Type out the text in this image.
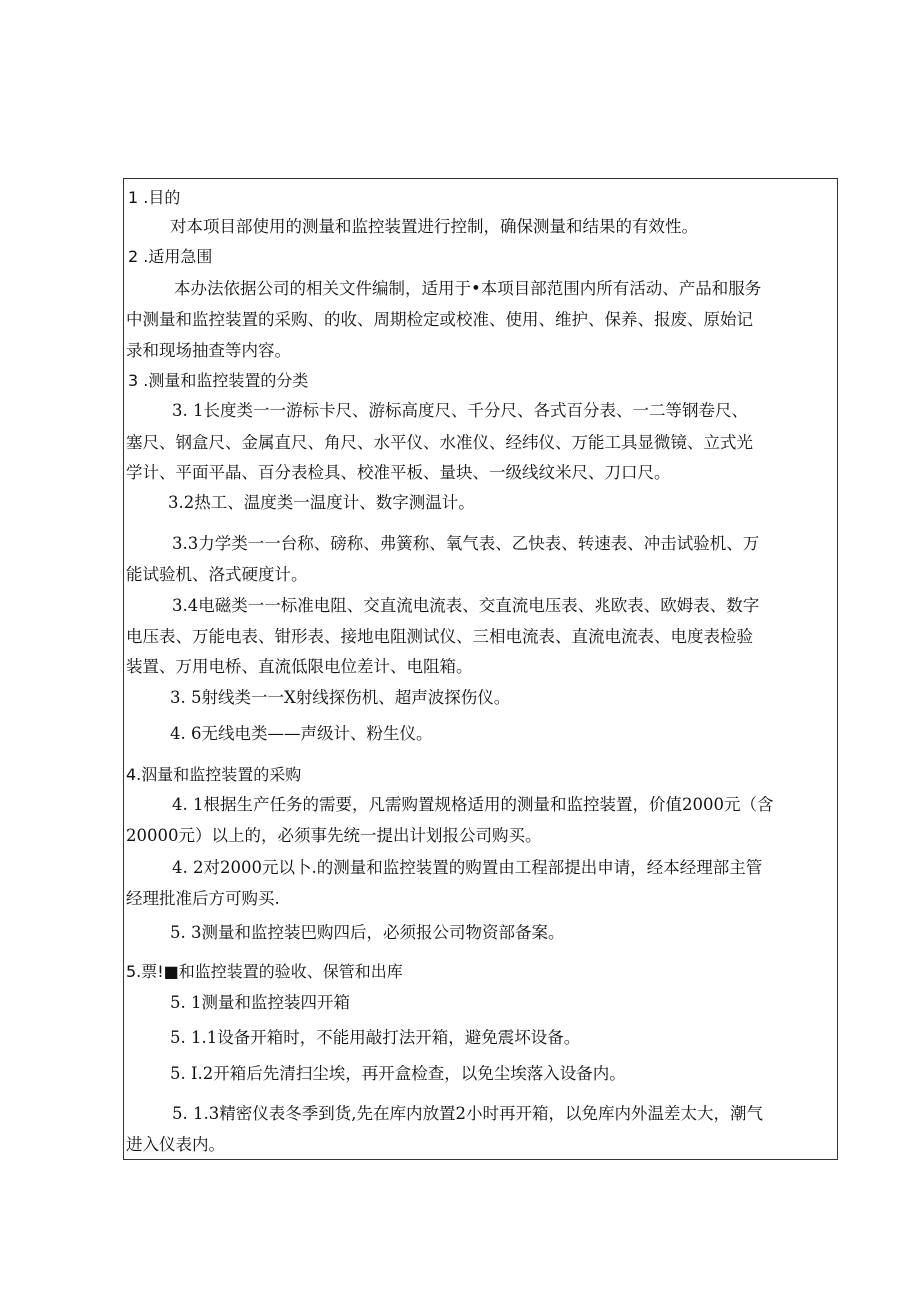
1 .目的
对本项目部使用的测量和监控装置进行控制，确保测量和结果的有效性。
2 .适用急围
本办法依据公司的相关文件编制，适用于•本项目部范围内所有活动、产品和服务
中测量和监控装置的采购、的收、周期检定或校准、使用、维护、保养、报废、原始记
录和现场抽查等内容。
3 .测量和监控装置的分类
3. 1长度类一一游标卡尺、游标高度尺、千分尺、各式百分表、一二等钢卷尺、
塞尺、钢盒尺、金属直尺、角尺、水平仪、水准仪、经纬仪、万能工具显微镜、立式光
学计、平面平晶、百分表检具、校准平板、量块、一级线纹米尺、刀口尺。
3.2热工、温度类一温度计、数字测温计。
3.3力学类一一台称、磅称、弗簧称、氧气表、乙快表、转速表、冲击试验机、万
能试验机、洛式硬度计。
3.4电磁类一一标准电阻、交直流电流表、交直流电压表、兆欧表、欧姆表、数字
电压表、万能电表、钳形表、接地电阻测试仪、三相电流表、直流电流表、电度表检验
装置、万用电桥、直流低限电位差计、电阻箱。
3. 5射线类一一X射线探伤机、超声波探伤仪。
4. 6无线电类——声级计、粉生仪。
4.泅量和监控装置的采购
4. 1根据生产任务的需要，凡需购置规格适用的测量和监控装置，价值2000元（含
20000元）以上的，必须事先统一提出计划报公司购买。
4. 2对2000元以卜.的测量和监控装置的购置由工程部提出申请，经本经理部主管
经理批准后方可购买.
5. 3测量和监控装巴购四后，必须报公司物资部备案。
5.票!■和监控装置的验收、保管和出库
5. 1测量和监控装四开箱
5. 1.1设备开箱时，不能用敲打法开箱，避免震坏设备。
5. I.2开箱后先清扫尘埃，再开盒检查，以免尘埃落入设备内。
5. 1.3精密仪表冬季到货,先在库内放置2小时再开箱，以免库内外温差太大，潮气
进入仪表内。
